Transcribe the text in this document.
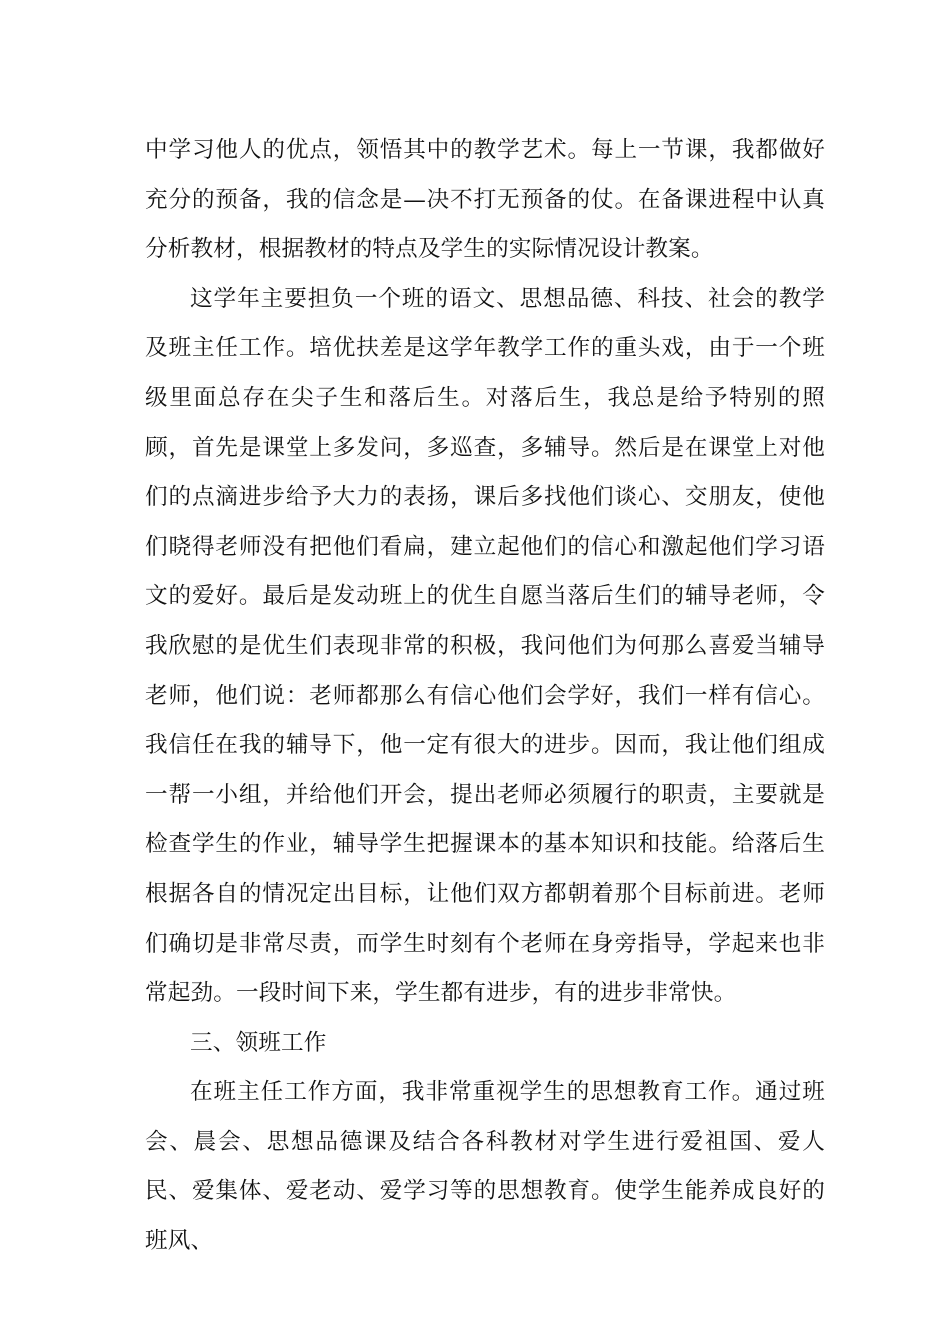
中学习他人的优点，领悟其中的教学艺术。每上一节课，我都做好充分的预备，我的信念是—决不打无预备的仗。在备课进程中认真分析教材，根据教材的特点及学生的实际情况设计教案。

这学年主要担负一个班的语文、思想品德、科技、社会的教学及班主任工作。培优扶差是这学年教学工作的重头戏，由于一个班级里面总存在尖子生和落后生。对落后生，我总是给予特别的照顾，首先是课堂上多发问，多巡查，多辅导。然后是在课堂上对他们的点滴进步给予大力的表扬，课后多找他们谈心、交朋友，使他们晓得老师没有把他们看扁，建立起他们的信心和激起他们学习语文的爱好。最后是发动班上的优生自愿当落后生们的辅导老师，令我欣慰的是优生们表现非常的积极，我问他们为何那么喜爱当辅导老师，他们说：老师都那么有信心他们会学好，我们一样有信心。我信任在我的辅导下，他一定有很大的进步。因而，我让他们组成一帮一小组，并给他们开会，提出老师必须履行的职责，主要就是检查学生的作业，辅导学生把握课本的基本知识和技能。给落后生根据各自的情况定出目标，让他们双方都朝着那个目标前进。老师们确切是非常尽责，而学生时刻有个老师在身旁指导，学起来也非常起劲。一段时间下来，学生都有进步，有的进步非常快。

三、领班工作

在班主任工作方面，我非常重视学生的思想教育工作。通过班会、晨会、思想品德课及结合各科教材对学生进行爱祖国、爱人民、爱集体、爱老动、爱学习等的思想教育。使学生能养成良好的班风、
